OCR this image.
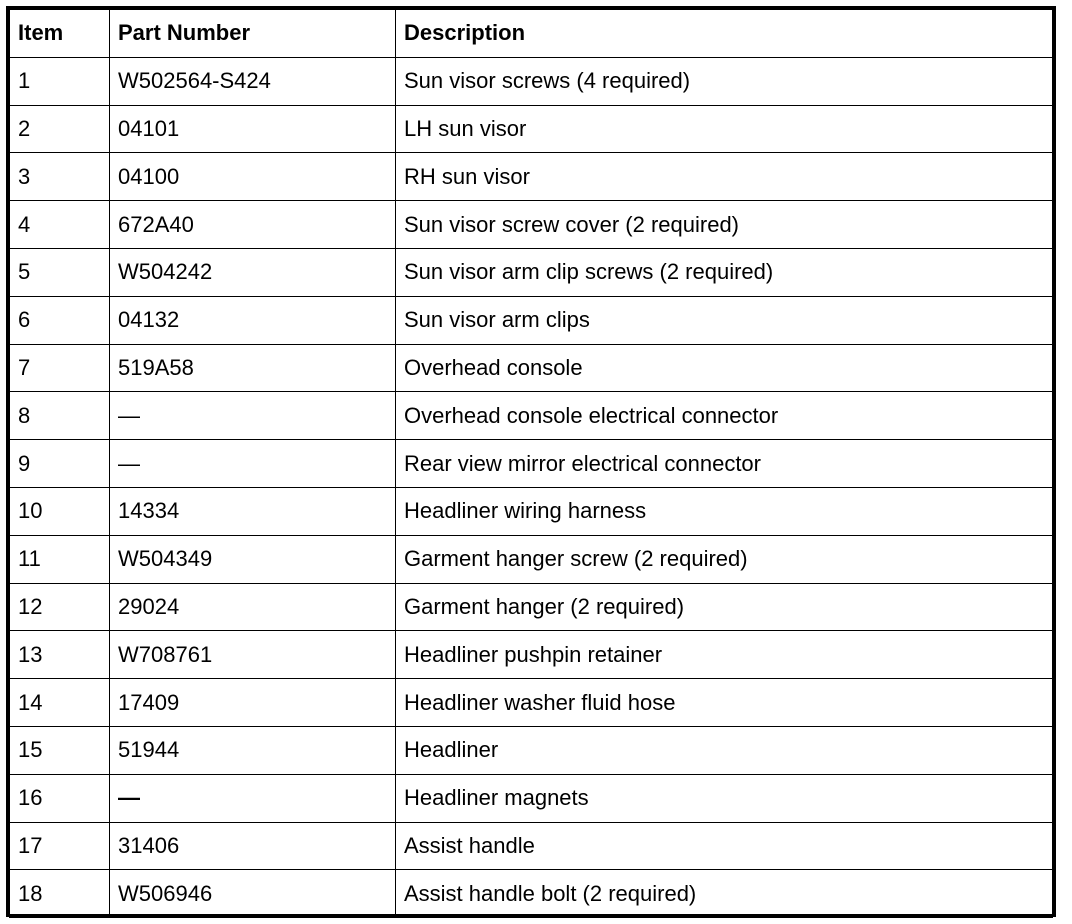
Item	Part Number	Description
1	W502564-S424	Sun visor screws (4 required)
2	04101	LH sun visor
3	04100	RH sun visor
4	672A40	Sun visor screw cover (2 required)
5	W504242	Sun visor arm clip screws (2 required)
6	04132	Sun visor arm clips
7	519A58	Overhead console
8	—	Overhead console electrical connector
9	—	Rear view mirror electrical connector
10	14334	Headliner wiring harness
11	W504349	Garment hanger screw (2 required)
12	29024	Garment hanger (2 required)
13	W708761	Headliner pushpin retainer
14	17409	Headliner washer fluid hose
15	51944	Headliner
16	—	Headliner magnets
17	31406	Assist handle
18	W506946	Assist handle bolt (2 required)
